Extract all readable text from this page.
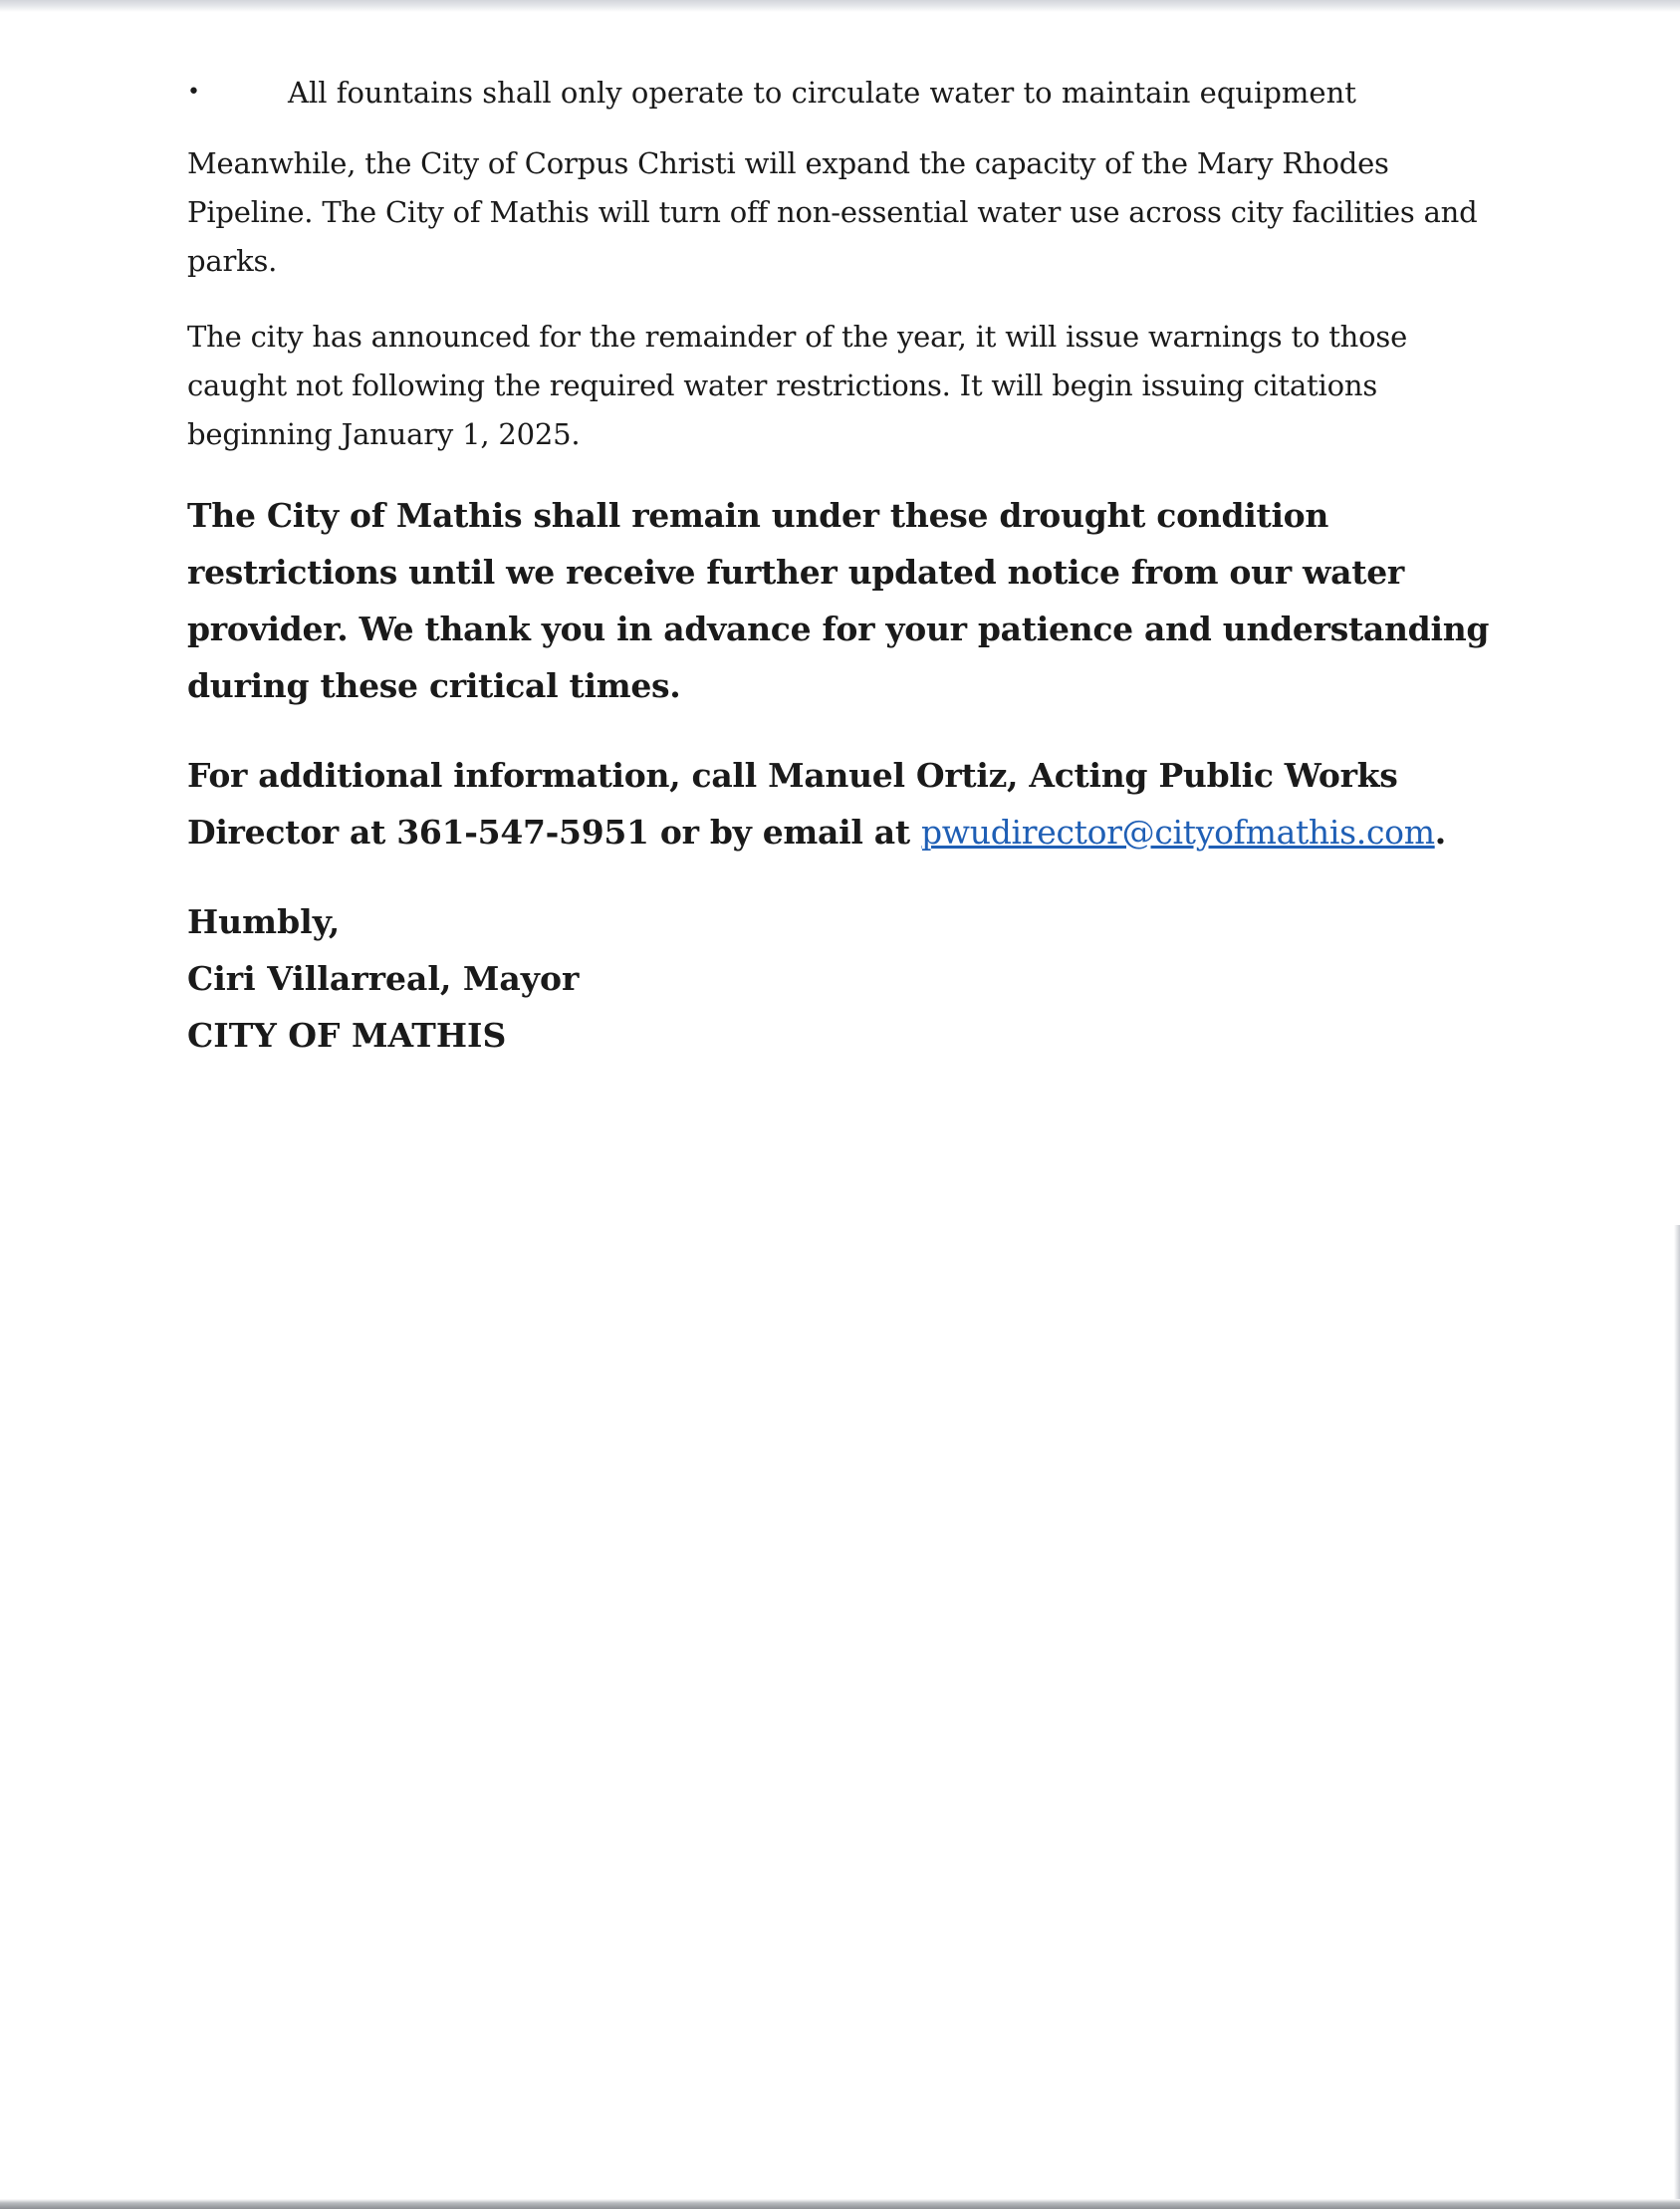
•	All fountains shall only operate to circulate water to maintain equipment

Meanwhile, the City of Corpus Christi will expand the capacity of the Mary Rhodes Pipeline. The City of Mathis will turn off non-essential water use across city facilities and parks.

The city has announced for the remainder of the year, it will issue warnings to those caught not following the required water restrictions. It will begin issuing citations beginning January 1, 2025.

The City of Mathis shall remain under these drought condition restrictions until we receive further updated notice from our water provider. We thank you in advance for your patience and understanding during these critical times.

For additional information, call Manuel Ortiz, Acting Public Works Director at 361-547-5951 or by email at pwudirector@cityofmathis.com.

Humbly,
Ciri Villarreal, Mayor
CITY OF MATHIS
